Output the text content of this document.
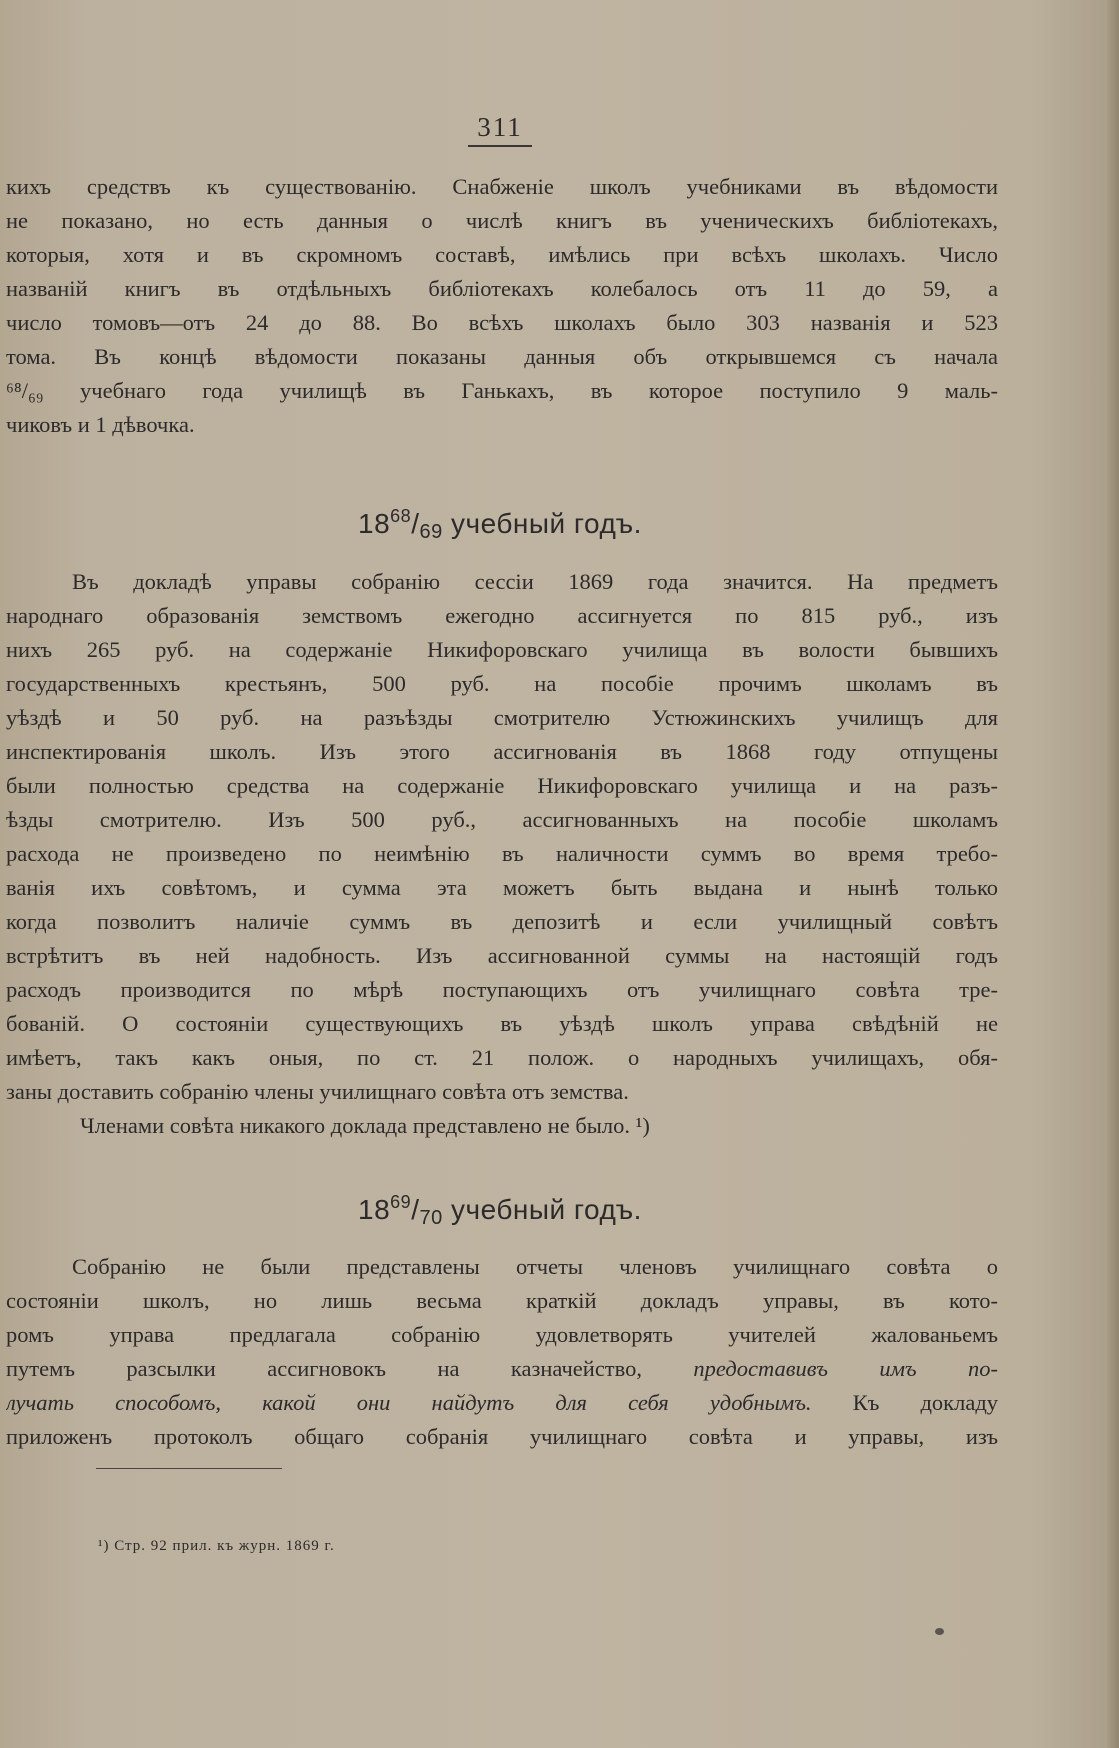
311
кихъ средствъ къ существованію. Снабженіе школъ учебниками въ вѣдомости
не показано, но есть данныя о числѣ книгъ въ ученическихъ библіотекахъ,
которыя, хотя и въ скромномъ составѣ, имѣлись при всѣхъ школахъ. Число
названій книгъ въ отдѣльныхъ библіотекахъ колебалось отъ 11 до 59, а
число томовъ—отъ 24 до 88. Во всѣхъ школахъ было 303 названія и 523
тома. Въ концѣ вѣдомости показаны данныя объ открывшемся съ начала
⁶⁸/₆₉ учебнаго года училищѣ въ Ганькахъ, въ которое поступило 9 маль-
чиковъ и 1 дѣвочка.
$18^{68}/_{69}$ учебный годъ.
Въ докладѣ управы собранію сессіи 1869 года значится. На предметъ
народнаго образованія земствомъ ежегодно ассигнуется по 815 руб., изъ
нихъ 265 руб. на содержаніе Никифоровскаго училища въ волости бывшихъ
государственныхъ крестьянъ, 500 руб. на пособіе прочимъ школамъ въ
уѣздѣ и 50 руб. на разъѣзды смотрителю Устюжинскихъ училищъ для
инспектированія школъ. Изъ этого ассигнованія въ 1868 году отпущены
были полностью средства на содержаніе Никифоровскаго училища и на разъ-
ѣзды смотрителю. Изъ 500 руб., ассигнованныхъ на пособіе школамъ
расхода не произведено по неимѣнію въ наличности суммъ во время требо-
ванія ихъ совѣтомъ, и сумма эта можетъ быть выдана и нынѣ только
когда позволитъ наличіе суммъ въ депозитѣ и если училищный совѣтъ
встрѣтитъ въ ней надобность. Изъ ассигнованной суммы на настоящій годъ
расходъ производится по мѣрѣ поступающихъ отъ училищнаго совѣта тре-
бованій. О состояніи существующихъ въ уѣздѣ школъ управа свѣдѣній не
имѣетъ, такъ какъ оныя, по ст. 21 полож. о народныхъ училищахъ, обя-
заны доставить собранію члены училищнаго совѣта отъ земства.
Членами совѣта никакого доклада представлено не было. ¹)
$18^{69}/_{70}$ учебный годъ.
Собранію не были представлены отчеты членовъ училищнаго совѣта о
состояніи школъ, но лишь весьма краткій докладъ управы, въ кото-
ромъ управа предлагала собранію удовлетворять учителей жалованьемъ
путемъ разсылки ассигновокъ на казначейство, предоставивъ имъ по-
лучать способомъ, какой они найдутъ для себя удобнымъ. Къ докладу
приложенъ протоколъ общаго собранія училищнаго совѣта и управы, изъ
¹) Стр. 92 прил. къ журн. 1869 г.
